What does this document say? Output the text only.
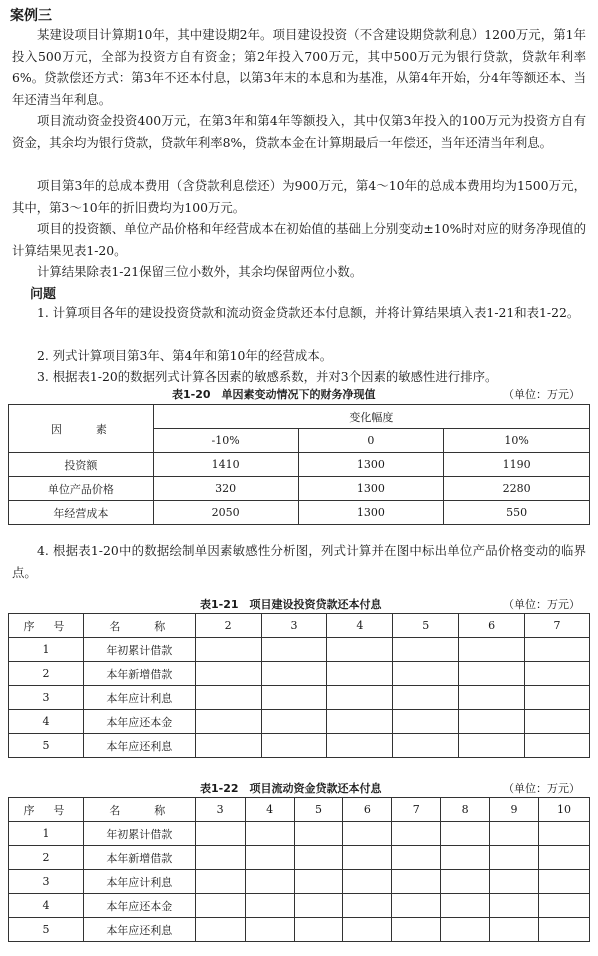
案例三
某建设项目计算期10年，其中建设期2年。项目建设投资（不含建设期贷款利息）1200万元，第1年投入500万元，全部为投资方自有资金；第2年投入700万元，其中500万元为银行贷款，贷款年利率6%。贷款偿还方式：第3年不还本付息，以第3年末的本息和为基准，从第4年开始，分4年等额还本、当年还清当年利息。
项目流动资金投资400万元，在第3年和第4年等额投入，其中仅第3年投入的100万元为投资方自有资金，其余均为银行贷款，贷款年利率8%，贷款本金在计算期最后一年偿还，当年还清当年利息。
项目第3年的总成本费用（含贷款利息偿还）为900万元，第4～10年的总成本费用均为1500万元，其中，第3～10年的折旧费均为100万元。
项目的投资额、单位产品价格和年经营成本在初始值的基础上分别变动±10%时对应的财务净现值的计算结果见表1-20。
计算结果除表1-21保留三位小数外，其余均保留两位小数。
问题
1. 计算项目各年的建设投资贷款和流动资金贷款还本付息额，并将计算结果填入表1-21和表1-22。
2. 列式计算项目第3年、第4年和第10年的经营成本。
3. 根据表1-20的数据列式计算各因素的敏感系数，并对3个因素的敏感性进行排序。
表1-20　单因素变动情况下的财务净现值	（单位：万元）
因　　素	变化幅度		
	-10%	0	10%
投资额	1410	1300	1190
单位产品价格	320	1300	2280
年经营成本	2050	1300	550
4. 根据表1-20中的数据绘制单因素敏感性分析图，列式计算并在图中标出单位产品价格变动的临界点。
表1-21　项目建设投资贷款还本付息	（单位：万元）
序　号	名　　称	2	3	4	5	6	7
1	年初累计借款						
2	本年新增借款						
3	本年应计利息						
4	本年应还本金						
5	本年应还利息						
表1-22　项目流动资金贷款还本付息	（单位：万元）
序　号	名　　称	3	4	5	6	7	8	9	10
1	年初累计借款								
2	本年新增借款								
3	本年应计利息								
4	本年应还本金								
5	本年应还利息								
